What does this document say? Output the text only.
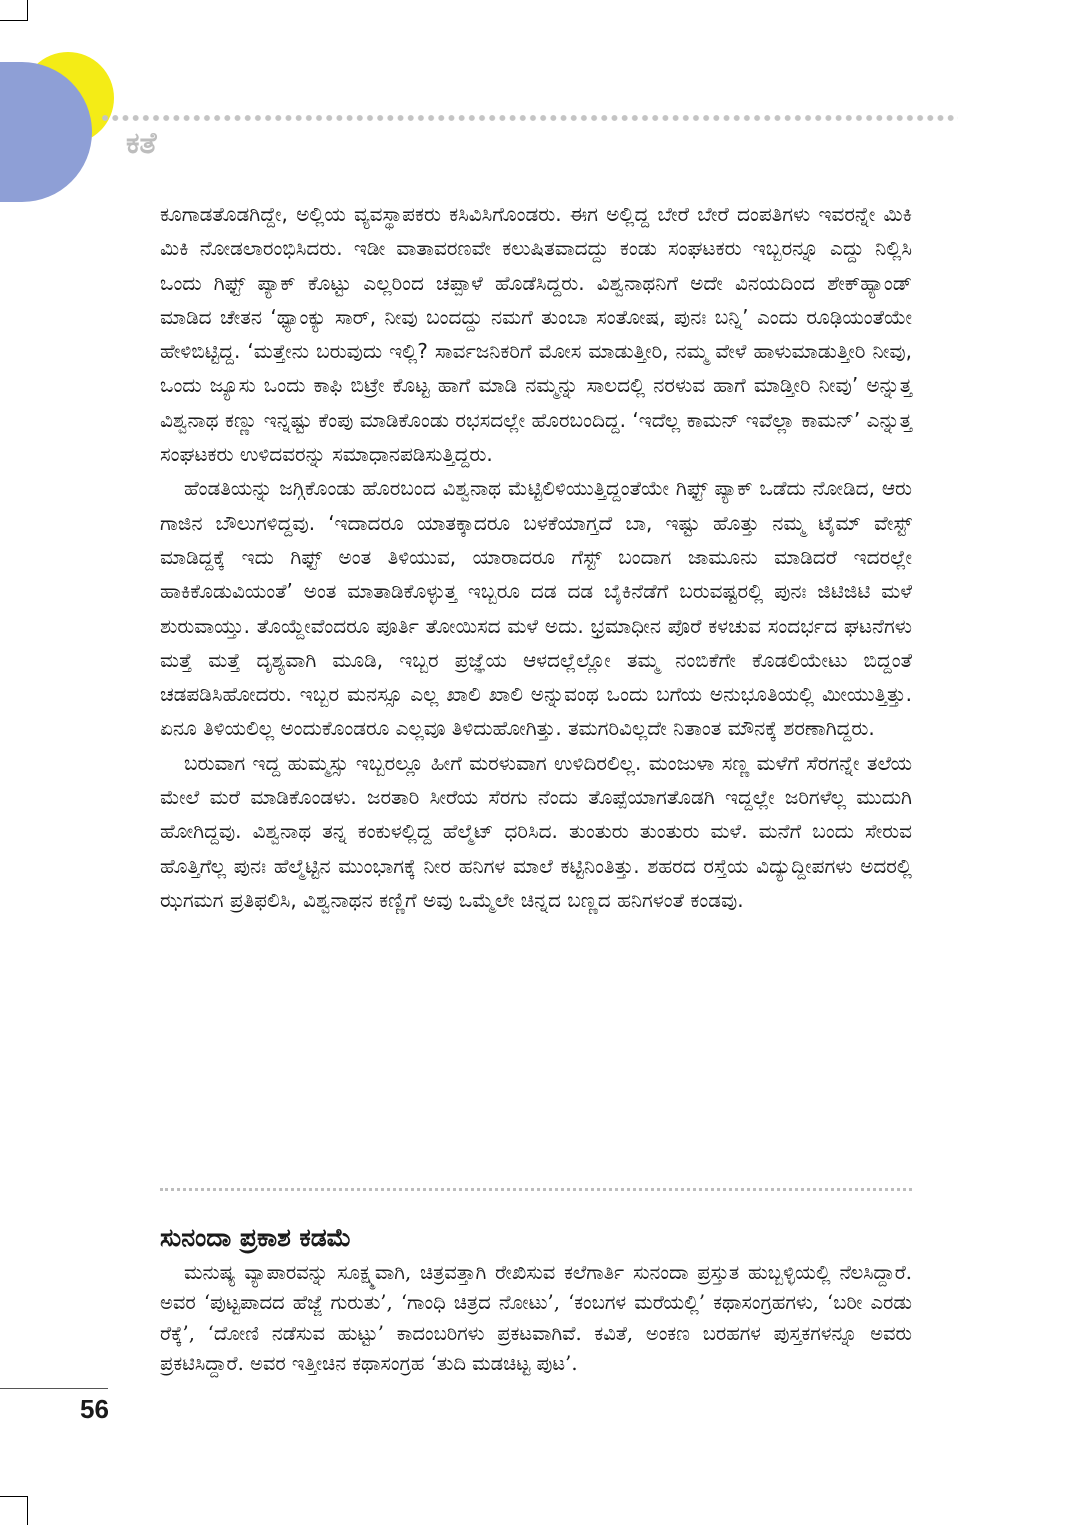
ಕತೆ

ಕೂಗಾಡತೊಡಗಿದ್ದೇ, ಅಲ್ಲಿಯ ವ್ಯವಸ್ಥಾಪಕರು ಕಸಿವಿಸಿಗೊಂಡರು. ಈಗ ಅಲ್ಲಿದ್ದ ಬೇರೆ ಬೇರೆ ದಂಪತಿಗಳು ಇವರನ್ನೇ ಮಿಕಿ ಮಿಕಿ ನೋಡಲಾರಂಭಿಸಿದರು. ಇಡೀ ವಾತಾವರಣವೇ ಕಲುಷಿತವಾದದ್ದು ಕಂಡು ಸಂಘಟಕರು ಇಬ್ಬರನ್ನೂ ಎದ್ದು ನಿಲ್ಲಿಸಿ ಒಂದು ಗಿಫ್ಟ್ ಪ್ಯಾಕ್ ಕೊಟ್ಟು ಎಲ್ಲರಿಂದ ಚಪ್ಪಾಳೆ ಹೊಡೆಸಿದ್ದರು. ವಿಶ್ವನಾಥನಿಗೆ ಅದೇ ವಿನಯದಿಂದ ಶೇಕ್‌ಹ್ಯಾಂಡ್ ಮಾಡಿದ ಚೇತನ ‘ಥ್ಯಾಂಕ್ಯು ಸಾರ್, ನೀವು ಬಂದದ್ದು ನಮಗೆ ತುಂಬಾ ಸಂತೋಷ, ಪುನಃ ಬನ್ನಿ’ ಎಂದು ರೂಢಿಯಂತೆಯೇ ಹೇಳಿಬಿಟ್ಟಿದ್ದ. ‘ಮತ್ತೇನು ಬರುವುದು ಇಲ್ಲಿ? ಸಾರ್ವಜನಿಕರಿಗೆ ಮೋಸ ಮಾಡುತ್ತೀರಿ, ನಮ್ಮ ವೇಳೆ ಹಾಳುಮಾಡುತ್ತೀರಿ ನೀವು, ಒಂದು ಜ್ಯೂಸು ಒಂದು ಕಾಫಿ ಬಿಟ್ರೇ ಕೊಟ್ಟ ಹಾಗೆ ಮಾಡಿ ನಮ್ಮನ್ನು ಸಾಲದಲ್ಲಿ ನರಳುವ ಹಾಗೆ ಮಾಡ್ತೀರಿ ನೀವು’ ಅನ್ನುತ್ತ ವಿಶ್ವನಾಥ ಕಣ್ಣು ಇನ್ನಷ್ಟು ಕೆಂಪು ಮಾಡಿಕೊಂಡು ರಭಸದಲ್ಲೇ ಹೊರಬಂದಿದ್ದ. ‘ಇದೆಲ್ಲ ಕಾಮನ್ ಇವೆಲ್ಲಾ ಕಾಮನ್’ ಎನ್ನುತ್ತ ಸಂಘಟಕರು ಉಳಿದವರನ್ನು ಸಮಾಧಾನಪಡಿಸುತ್ತಿದ್ದರು.

ಹೆಂಡತಿಯನ್ನು ಜಗ್ಗಿಕೊಂಡು ಹೊರಬಂದ ವಿಶ್ವನಾಥ ಮೆಟ್ಟಿಲಿಳಿಯುತ್ತಿದ್ದಂತೆಯೇ ಗಿಫ್ಟ್ ಪ್ಯಾಕ್ ಒಡೆದು ನೋಡಿದ, ಆರು ಗಾಜಿನ ಬೌಲುಗಳಿದ್ದವು. ‘ಇದಾದರೂ ಯಾತಕ್ಕಾದರೂ ಬಳಕೆಯಾಗ್ತದೆ ಬಾ, ಇಷ್ಟು ಹೊತ್ತು ನಮ್ಮ ಟೈಮ್ ವೇಸ್ಟ್ ಮಾಡಿದ್ದಕ್ಕೆ ಇದು ಗಿಫ್ಟ್ ಅಂತ ತಿಳಿಯುವ, ಯಾರಾದರೂ ಗೆಸ್ಟ್ ಬಂದಾಗ ಜಾಮೂನು ಮಾಡಿದರೆ ಇದರಲ್ಲೇ ಹಾಕಿಕೊಡುವಿಯಂತೆ’ ಅಂತ ಮಾತಾಡಿಕೊಳ್ಳುತ್ತ ಇಬ್ಬರೂ ದಡ ದಡ ಬೈಕಿನೆಡೆಗೆ ಬರುವಷ್ಟರಲ್ಲಿ ಪುನಃ ಜಿಟಿಜಿಟಿ ಮಳೆ ಶುರುವಾಯ್ತು. ತೊಯ್ದೇವೆಂದರೂ ಪೂರ್ತಿ ತೋಯಿಸದ ಮಳೆ ಅದು. ಭ್ರಮಾಧೀನ ಪೊರೆ ಕಳಚುವ ಸಂದರ್ಭದ ಘಟನೆಗಳು ಮತ್ತೆ ಮತ್ತೆ ದೃಶ್ಯವಾಗಿ ಮೂಡಿ, ಇಬ್ಬರ ಪ್ರಜ್ಞೆಯ ಆಳದಲ್ಲೆಲ್ಲೋ ತಮ್ಮ ನಂಬಿಕೆಗೇ ಕೊಡಲಿಯೇಟು ಬಿದ್ದಂತೆ ಚಡಪಡಿಸಿಹೋದರು. ಇಬ್ಬರ ಮನಸ್ಸೂ ಎಲ್ಲ ಖಾಲಿ ಖಾಲಿ ಅನ್ನುವಂಥ ಒಂದು ಬಗೆಯ ಅನುಭೂತಿಯಲ್ಲಿ ಮೀಯುತ್ತಿತ್ತು. ಏನೂ ತಿಳಿಯಲಿಲ್ಲ ಅಂದುಕೊಂಡರೂ ಎಲ್ಲವೂ ತಿಳಿದುಹೋಗಿತ್ತು. ತಮಗರಿವಿಲ್ಲದೇ ನಿತಾಂತ ಮೌನಕ್ಕೆ ಶರಣಾಗಿದ್ದರು.

ಬರುವಾಗ ಇದ್ದ ಹುಮ್ಮಸ್ಸು ಇಬ್ಬರಲ್ಲೂ ಹೀಗೆ ಮರಳುವಾಗ ಉಳಿದಿರಲಿಲ್ಲ. ಮಂಜುಳಾ ಸಣ್ಣ ಮಳೆಗೆ ಸೆರಗನ್ನೇ ತಲೆಯ ಮೇಲೆ ಮರೆ ಮಾಡಿಕೊಂಡಳು. ಜರತಾರಿ ಸೀರೆಯ ಸೆರಗು ನೆಂದು ತೊಪ್ಪೆಯಾಗತೊಡಗಿ ಇದ್ದಲ್ಲೇ ಜರಿಗಳೆಲ್ಲ ಮುದುಗಿ ಹೋಗಿದ್ದವು. ವಿಶ್ವನಾಥ ತನ್ನ ಕಂಕುಳಲ್ಲಿದ್ದ ಹೆಲ್ಮೆಟ್ ಧರಿಸಿದ. ತುಂತುರು ತುಂತುರು ಮಳೆ. ಮನೆಗೆ ಬಂದು ಸೇರುವ ಹೊತ್ತಿಗೆಲ್ಲ ಪುನಃ ಹೆಲ್ಮೆಟ್ಟಿನ ಮುಂಭಾಗಕ್ಕೆ ನೀರ ಹನಿಗಳ ಮಾಲೆ ಕಟ್ಟಿನಿಂತಿತ್ತು. ಶಹರದ ರಸ್ತೆಯ ವಿದ್ಯುದ್ದೀಪಗಳು ಅದರಲ್ಲಿ ಝಗಮಗ ಪ್ರತಿಫಲಿಸಿ, ವಿಶ್ವನಾಥನ ಕಣ್ಣಿಗೆ ಅವು ಒಮ್ಮೆಲೇ ಚಿನ್ನದ ಬಣ್ಣದ ಹನಿಗಳಂತೆ ಕಂಡವು.

ಸುನಂದಾ ಪ್ರಕಾಶ ಕಡಮೆ

ಮನುಷ್ಯ ವ್ಯಾಪಾರವನ್ನು ಸೂಕ್ಷ್ಮವಾಗಿ, ಚಿತ್ರವತ್ತಾಗಿ ರೇಖಿಸುವ ಕಲೆಗಾರ್ತಿ ಸುನಂದಾ ಪ್ರಸ್ತುತ ಹುಬ್ಬಳ್ಳಿಯಲ್ಲಿ ನೆಲಸಿದ್ದಾರೆ. ಅವರ ‘ಪುಟ್ಟಪಾದದ ಹೆಜ್ಜೆ ಗುರುತು’, ‘ಗಾಂಧಿ ಚಿತ್ರದ ನೋಟು’, ‘ಕಂಬಗಳ ಮರೆಯಲ್ಲಿ’ ಕಥಾಸಂಗ್ರಹಗಳು, ‘ಬರೀ ಎರಡು ರೆಕ್ಕೆ’, ‘ದೋಣಿ ನಡೆಸುವ ಹುಟ್ಟು’ ಕಾದಂಬರಿಗಳು ಪ್ರಕಟವಾಗಿವೆ. ಕವಿತೆ, ಅಂಕಣ ಬರಹಗಳ ಪುಸ್ತಕಗಳನ್ನೂ ಅವರು ಪ್ರಕಟಿಸಿದ್ದಾರೆ. ಅವರ ಇತ್ತೀಚಿನ ಕಥಾಸಂಗ್ರಹ ‘ತುದಿ ಮಡಚಿಟ್ಟ ಪುಟ’.

56
